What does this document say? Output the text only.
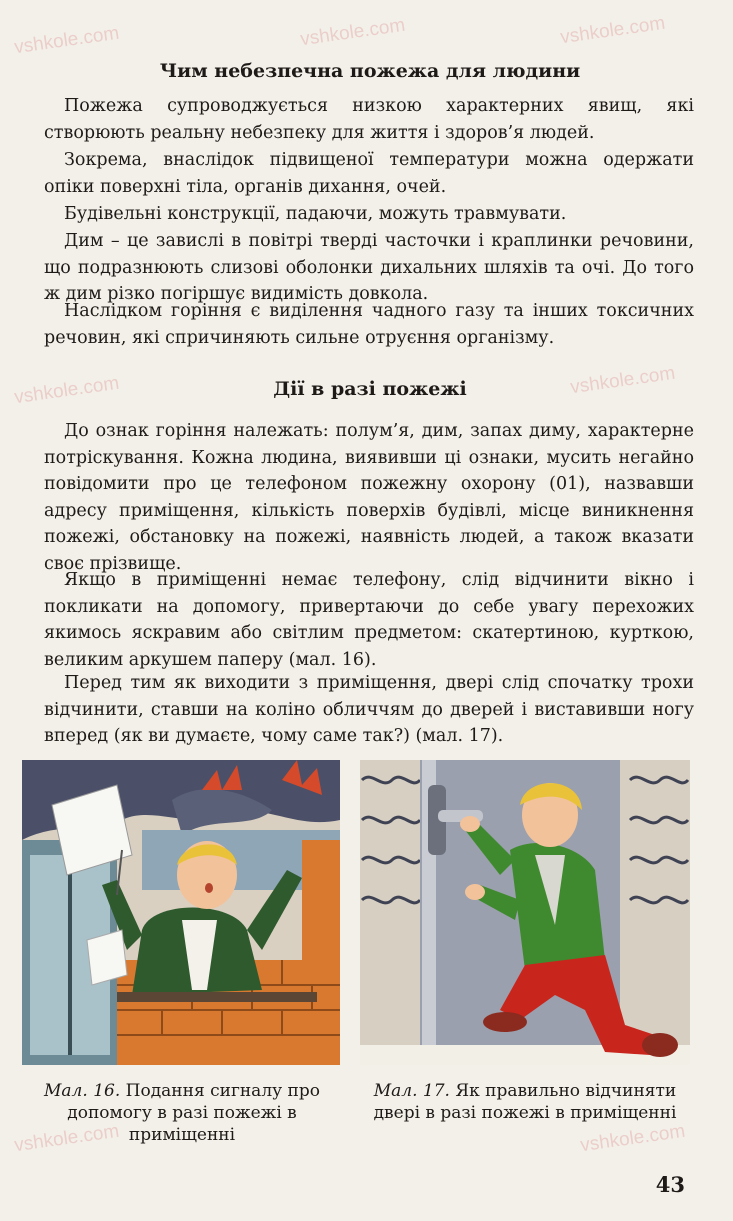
vshkole.com	vshkole.com	vshkole.com
vshkole.com	vshkole.com
vshkole.com	vshkole.com
Чим небезпечна пожежа для людини

Пожежа супроводжується низкою характерних явищ, які створюють реальну небезпеку для життя і здоров’я людей.

Зокрема, внаслідок підвищеної температури можна одержати опіки поверхні тіла, органів дихання, очей.

Будівельні конструкції, падаючи, можуть травмувати.

Дим – це завислі в повітрі тверді часточки і краплинки речовини, що подразнюють слизові оболонки дихальних шляхів та очі. До того ж дим різко погіршує видимість довкола.

Наслідком горіння є виділення чадного газу та інших токсичних речовин, які спричиняють сильне отруєння організму.

Дії в разі пожежі

До ознак горіння належать: полум’я, дим, запах диму, характерне потріскування. Кожна людина, виявивши ці ознаки, мусить негайно повідомити про це телефоном пожежну охорону (01), назвавши адресу приміщення, кількість поверхів будівлі, місце виникнення пожежі, обстановку на пожежі, наявність людей, а також вказати своє прізвище.

Якщо в приміщенні немає телефону, слід відчинити вікно і покликати на допомогу, привертаючи до себе увагу перехожих якимось яскравим або світлим предметом: скатертиною, курткою, великим аркушем паперу (мал. 16).

Перед тим як виходити з приміщення, двері слід спочатку трохи відчинити, ставши на коліно обличчям до дверей і виставивши ногу вперед (як ви думаєте, чому саме так?) (мал. 17).

Мал. 16. Подання сигналу про допомогу в разі пожежі в приміщенні
Мал. 17. Як правильно відчиняти двері в разі пожежі в приміщенні
43
